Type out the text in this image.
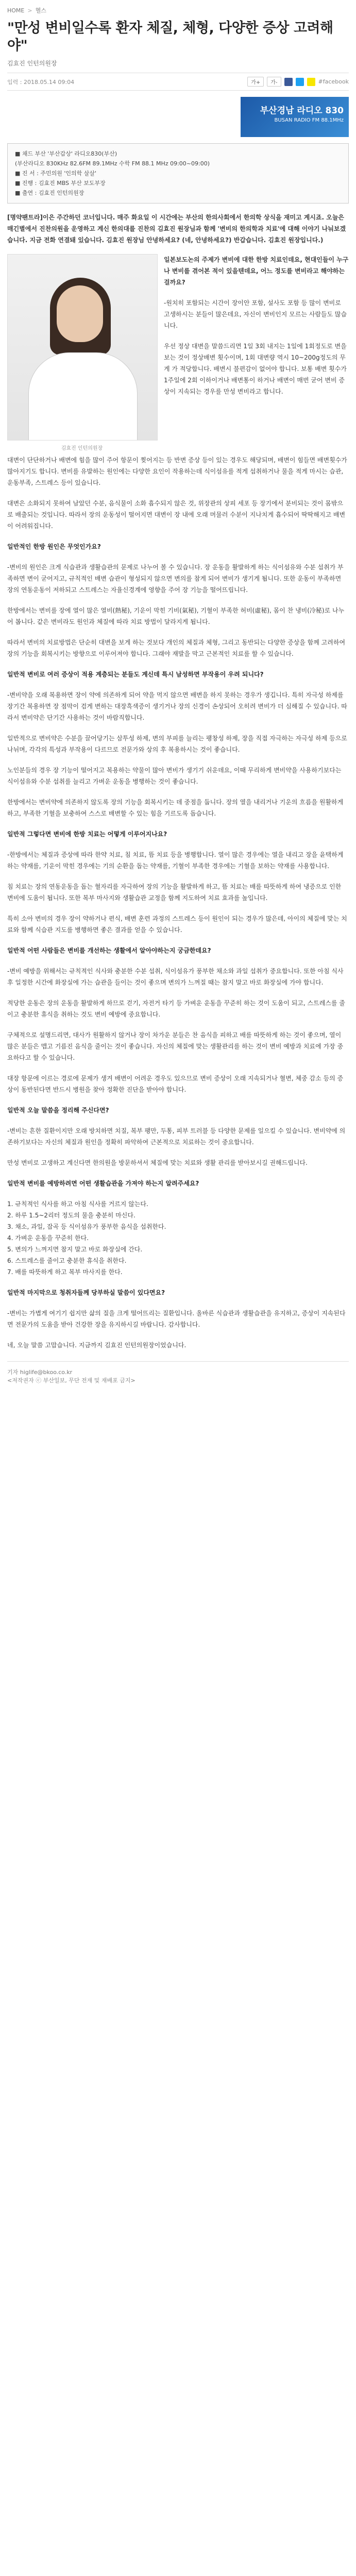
HOME > 헬스
"만성 변비일수록 환자 체질, 체형, 다양한 증상 고려해야"
김효진 인턴의원장
입력 : 2018.05.14 09:04	가+	가-	#facebook
부산경남 라디오 830
BUSAN RADIO FM 88.1MHz
■ 채드 부산 '부산갑상' 라디오830(부산)
(부산라디오 830KHz 82.6FM 89.1MHz 수학 FM 88.1 MHz 09:00~09:00)
■ 진 서 : 주민의원 '인의학 살살'
■ 진행 : 김효진 MBS 부산 보도부장
■ 출연 : 김효진 인턴의원장
[명약팬트라]이은 주간하던 코너입니다. 매주 화요일 이 시간에는 부산의 한의사회에서 한의학 상식을 재미고 계시죠. 오늘은 매긴별에서 진찬의원을 운영하고 계신 한의대를 진찬의 김효진 원장님과 함께 '변비의 한의학과 치료'에 대해 이야기 나눠보겠습니다. 지금 전화 연결돼 있습니다. 김효진 원장님 안녕하세요? (네, 안녕하세요?) 반갑습니다. 김효진 원장입니다.)
김효진 인턴의원장

일본보도논의 주제가 변비에 대한 한방 치료인데요, 현대인들이 누구나 변비를 겪어본 적이 있을텐데요, 어느 정도를 변비라고 해야하는 걸까요?

-원치히 포함되는 시간이 장이안 포함, 설사도 포함 등 많이 변비로 고생하시는 분들이 많은데요, 자신이 변비인지 모르는 사람들도 많습니다.

우선 정상 대변을 말씀드리면 1일 3회 내지는 1일에 1회정도로 변을 보는 것이 정상배변 횟수이며, 1회 대변량 역시 10~200g정도의 무게 가 적당합니다. 배변시 불편감이 없어야 합니다. 보통 배변 횟수가 1주일에 2회 이하이거나 배변통이 하거나 배변이 매번 굳어 변비 증상이 지속되는 경우를 만성 변비라고 합니다.

대변이 단단하거나 배변에 힘을 많이 주어 항문이 찢어지는 등 반변 증상 등이 있는 경우도 해당되며, 배변이 힘들면 배변횟수가 많아지기도 합니다. 변비를 유발하는 원인에는 다양한 요인이 작용하는데 식이섬유를 적게 섭취하거나 물을 적게 마시는 습관, 운동부족, 스트레스 등이 있습니다.

대변은 소화되지 못하여 남았던 수분, 음식물이 소화 흡수되지 않은 것, 위장관의 상피 세포 등 장기에서 분비되는 것이 몸밖으로 배출되는 것입니다. 따라서 장의 운동성이 떨어지면 대변이 장 내에 오래 머물러 수분이 지나치게 흡수되어 딱딱해지고 배변이 어려워집니다.

일반적인 한방 원인은 무엇인가요?

-변비의 원인은 크게 식습관과 생활습관의 문제로 나누어 볼 수 있습니다. 장 운동을 활발하게 하는 식이섬유와 수분 섭취가 부족하면 변이 굳어지고, 규칙적인 배변 습관이 형성되지 않으면 변의를 참게 되어 변비가 생기게 됩니다. 또한 운동이 부족하면 장의 연동운동이 저하되고 스트레스는 자율신경계에 영향을 주어 장 기능을 떨어뜨립니다.

한방에서는 변비를 장에 열이 많은 열비(熱秘), 기운이 막힌 기비(氣秘), 기혈이 부족한 허비(虛秘), 몸이 찬 냉비(冷秘)로 나누어 봅니다. 같은 변비라도 원인과 체질에 따라 치료 방법이 달라지게 됩니다.

따라서 변비의 치료방법은 단순히 대변을 보게 하는 것보다 개인의 체질과 체형, 그리고 동반되는 다양한 증상을 함께 고려하여 장의 기능을 회복시키는 방향으로 이루어져야 합니다. 그래야 재발을 막고 근본적인 치료를 할 수 있습니다.

일반적 변비로 여러 증상이 적용 계층되는 분들도 계신데 특시 남성하면 부작용이 우려 되니다?

-변비약을 오래 복용하면 장이 약에 의존하게 되어 약을 먹지 않으면 배변을 하지 못하는 경우가 생깁니다. 특히 자극성 하제를 장기간 복용하면 장 점막이 검게 변하는 대장흑색증이 생기거나 장의 신경이 손상되어 오히려 변비가 더 심해질 수 있습니다. 따라서 변비약은 단기간 사용하는 것이 바람직합니다.

일반적으로 변비약은 수분을 끌어당기는 삼투성 하제, 변의 부피를 늘리는 팽창성 하제, 장을 직접 자극하는 자극성 하제 등으로 나뉘며, 각각의 특성과 부작용이 다르므로 전문가와 상의 후 복용하시는 것이 좋습니다.

노인분들의 경우 장 기능이 떨어지고 복용하는 약물이 많아 변비가 생기기 쉬운데요, 이때 무리하게 변비약을 사용하기보다는 식이섬유와 수분 섭취를 늘리고 가벼운 운동을 병행하는 것이 좋습니다.

한방에서는 변비약에 의존하지 않도록 장의 기능을 회복시키는 데 중점을 둡니다. 장의 열을 내리거나 기운의 흐름을 원활하게 하고, 부족한 기혈을 보충하여 스스로 배변할 수 있는 힘을 기르도록 돕습니다.

일반적 그렇다면 변비에 한방 치료는 어떻게 이루어지나요?

-한방에서는 체질과 증상에 따라 한약 치료, 침 치료, 뜸 치료 등을 병행합니다. 열이 많은 경우에는 열을 내리고 장을 윤택하게 하는 약재를, 기운이 막힌 경우에는 기의 순환을 돕는 약재를, 기혈이 부족한 경우에는 기혈을 보하는 약재를 사용합니다.

침 치료는 장의 연동운동을 돕는 혈자리를 자극하여 장의 기능을 활발하게 하고, 뜸 치료는 배를 따뜻하게 하여 냉증으로 인한 변비에 도움이 됩니다. 또한 복부 마사지와 생활습관 교정을 함께 지도하여 치료 효과를 높입니다.

특히 소아 변비의 경우 장이 약하거나 편식, 배변 훈련 과정의 스트레스 등이 원인이 되는 경우가 많은데, 아이의 체질에 맞는 치료와 함께 식습관 지도를 병행하면 좋은 결과를 얻을 수 있습니다.

일반적 어떤 사람들은 변비를 개선하는 생활에서 알아야하는지 궁금한데요?

-변비 예방을 위해서는 규칙적인 식사와 충분한 수분 섭취, 식이섬유가 풍부한 채소와 과일 섭취가 중요합니다. 또한 아침 식사 후 일정한 시간에 화장실에 가는 습관을 들이는 것이 좋으며 변의가 느껴질 때는 참지 말고 바로 화장실에 가야 합니다.

적당한 운동은 장의 운동을 활발하게 하므로 걷기, 자전거 타기 등 가벼운 운동을 꾸준히 하는 것이 도움이 되고, 스트레스를 줄이고 충분한 휴식을 취하는 것도 변비 예방에 중요합니다.

구체적으로 설명드리면, 대사가 원활하지 않거나 장이 차가운 분들은 찬 음식을 피하고 배를 따뜻하게 하는 것이 좋으며, 열이 많은 분들은 맵고 기름진 음식을 줄이는 것이 좋습니다. 자신의 체질에 맞는 생활관리를 하는 것이 변비 예방과 치료에 가장 중요하다고 할 수 있습니다.

대장 항문에 이르는 경로에 문제가 생겨 배변이 어려운 경우도 있으므로 변비 증상이 오래 지속되거나 혈변, 체중 감소 등의 증상이 동반된다면 반드시 병원을 찾아 정확한 진단을 받아야 합니다.

일반적 오늘 말씀을 정리해 주신다면?

-변비는 흔한 질환이지만 오래 방치하면 치질, 복부 팽만, 두통, 피부 트러블 등 다양한 문제를 일으킬 수 있습니다. 변비약에 의존하기보다는 자신의 체질과 원인을 정확히 파악하여 근본적으로 치료하는 것이 중요합니다.

만성 변비로 고생하고 계신다면 한의원을 방문하셔서 체질에 맞는 치료와 생활 관리를 받아보시길 권해드립니다.

일반적 변비를 예방하려면 어떤 생활습관을 가져야 하는지 알려주세요?

1. 규칙적인 식사를 하고 아침 식사를 거르지 않는다.
2. 하루 1.5~2리터 정도의 물을 충분히 마신다.
3. 채소, 과일, 잡곡 등 식이섬유가 풍부한 음식을 섭취한다.
4. 가벼운 운동을 꾸준히 한다.
5. 변의가 느껴지면 참지 말고 바로 화장실에 간다.
6. 스트레스를 줄이고 충분한 휴식을 취한다.
7. 배를 따뜻하게 하고 복부 마사지를 한다.

일반적 마지막으로 청취자들께 당부하실 말씀이 있다면요?

-변비는 가볍게 여기기 쉽지만 삶의 질을 크게 떨어뜨리는 질환입니다. 올바른 식습관과 생활습관을 유지하고, 증상이 지속된다면 전문가의 도움을 받아 건강한 장을 유지하시길 바랍니다. 감사합니다.

네, 오늘 말씀 고맙습니다. 지금까지 김효진 인턴의원장이었습니다.

기자 higlife@bkoo.co.kr
<저작권자 ⓒ 부산일보, 무단 전재 및 재배포 금지>
